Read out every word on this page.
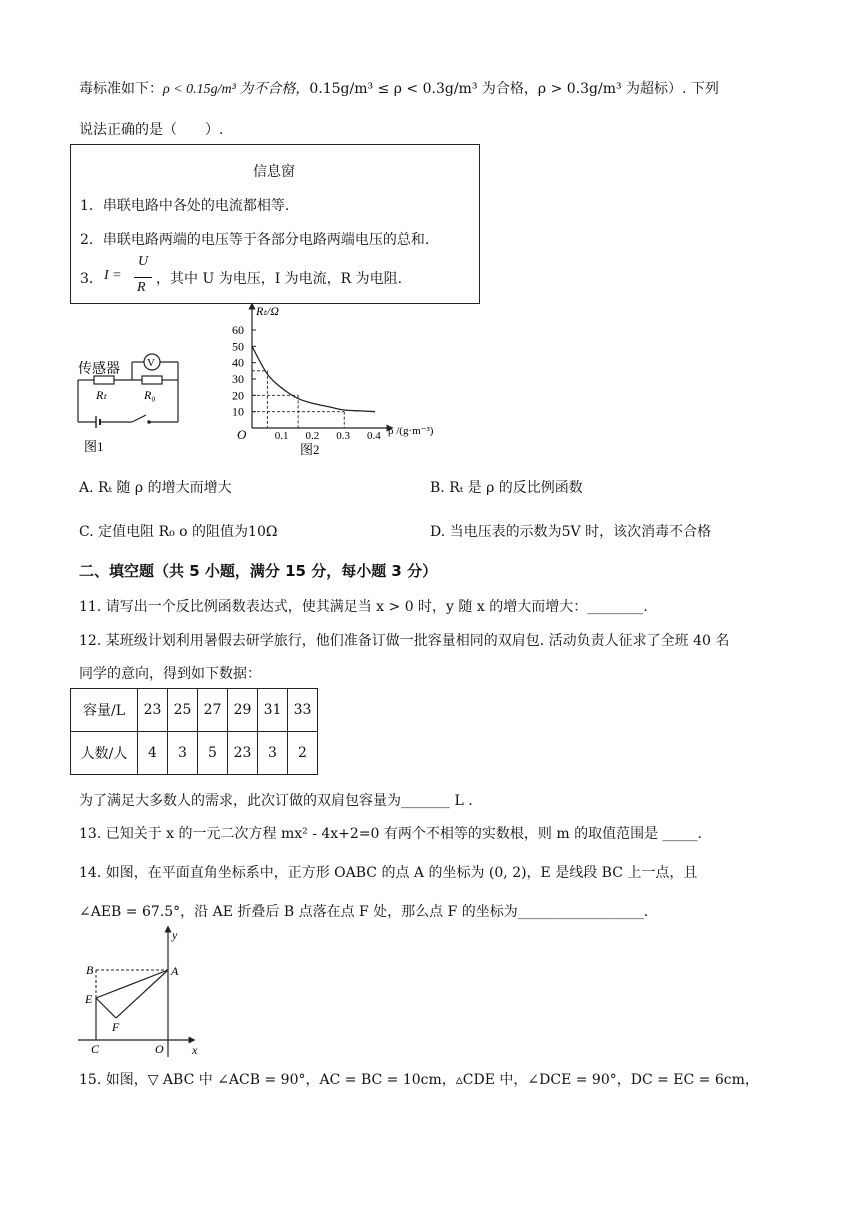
毒标准如下：ρ < 0.15g/m³ 为不合格，0.15g/m³ ≤ ρ < 0.3g/m³ 为合格，ρ > 0.3g/m³ 为超标）. 下列
说法正确的是（　　）.
信息窗
1．串联电路中各处的电流都相等.
2．串联电路两端的电压等于各部分电路两端电压的总和.
3． I =
U
R
，其中 U 为电压，I 为电流，R 为电阻.
传感器 V
Rₜ	R₀
图1
Rₜ/Ω
ρ /(g·m⁻³)
O
60
50
40
30
20
10
0.1 0.2 0.3 0.4
图2
A. Rₜ 随 ρ 的增大而增大	B. Rₜ 是 ρ 的反比例函数
C. 定值电阻 R₀ o 的阻值为10Ω	D. 当电压表的示数为5V 时，该次消毒不合格
二、填空题（共 5 小题，满分 15 分，每小题 3 分）
11. 请写出一个反比例函数表达式，使其满足当 x > 0 时，y 随 x 的增大而增大：________.
12. 某班级计划利用暑假去研学旅行，他们准备订做一批容量相同的双肩包. 活动负责人征求了全班 40 名
同学的意向，得到如下数据：
容量/L	23	25	27	29	31	33
人数/人	4	3	5	23	3	2
为了满足大多数人的需求，此次订做的双肩包容量为_______ L .
13. 已知关于 x 的一元二次方程 mx² - 4x+2=0 有两个不相等的实数根，则 m 的取值范围是 _____.
14. 如图，在平面直角坐标系中，正方形 OABC 的点 A 的坐标为 (0, 2)，E 是线段 BC 上一点，且
∠AEB = 67.5°，沿 AE 折叠后 B 点落在点 F 处，那么点 F 的坐标为__________________.
y
x
A
B
E
F
C	O
15. 如图，▽ ABC 中 ∠ACB = 90°，AC = BC = 10cm，▵CDE 中，∠DCE = 90°，DC = EC = 6cm，
